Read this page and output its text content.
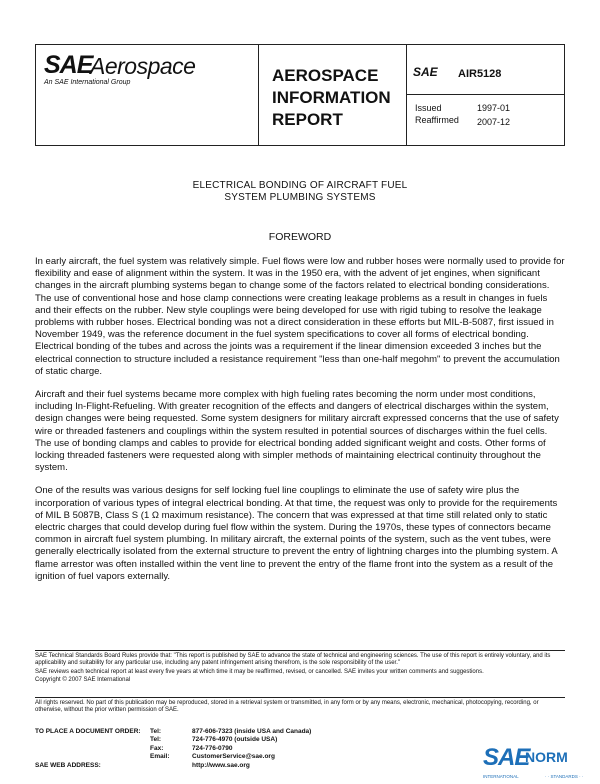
SAE
Aerospace
An SAE International Group	AEROSPACE
INFORMATION
REPORT
SAE AIR5128
Issued	1997-01
Reaffirmed 2007-12
ELECTRICAL BONDING OF AIRCRAFT FUEL
SYSTEM PLUMBING SYSTEMS
FOREWORD

In early aircraft, the fuel system was relatively simple. Fuel flows were low and rubber hoses were normally used to provide for flexibility and ease of alignment within the system. It was in the 1950 era, with the advent of jet engines, when significant changes in the aircraft plumbing systems began to change some of the factors related to electrical bonding considerations. The use of conventional hose and hose clamp connections were creating leakage problems as a result in changes in fuels and their effects on the rubber. New style couplings were being developed for use with rigid tubing to resolve the leakage problems with rubber hoses. Electrical bonding was not a direct consideration in these efforts but MIL-B-5087, first issued in November 1949, was the reference document in the fuel system specifications to cover all forms of electrical bonding. Electrical bonding of the tubes and across the joints was a requirement if the linear dimension exceeded 3 inches but the electrical connection to structure included a resistance requirement "less than one-half megohm" to prevent the accumulation of static charge.

Aircraft and their fuel systems became more complex with high fueling rates becoming the norm under most conditions, including In-Flight-Refueling. With greater recognition of the effects and dangers of electrical discharges within the system, design changes were being requested. Some system designers for military aircraft expressed concerns that the use of safety wire or threaded fasteners and couplings within the system resulted in potential sources of discharges within the fuel cells. The use of bonding clamps and cables to provide for electrical bonding added significant weight and costs. Other forms of locking threaded fasteners were requested along with simpler methods of maintaining electrical continuity throughout the system.

One of the results was various designs for self locking fuel line couplings to eliminate the use of safety wire plus the incorporation of various types of integral electrical bonding. At that time, the request was only to provide for the requirements of MIL B 5087B, Class S (1 Ω maximum resistance). The concern that was expressed at that time still related only to static electric charges that could develop during fuel flow within the system. During the 1970s, these types of connectors became common in aircraft fuel system plumbing. In military aircraft, the external points of the system, such as the vent tubes, were generally electrically isolated from the external structure to prevent the entry of lightning charges into the plumbing system. A flame arrestor was often installed within the vent line to prevent the entry of the flame front into the system as a result of the ignition of fuel vapors externally.

SAE Technical Standards Board Rules provide that: "This report is published by SAE to advance the state of technical and engineering sciences. The use of this report is entirely voluntary, and its applicability and suitability for any particular use, including any patent infringement arising therefrom, is the sole responsibility of the user."

SAE reviews each technical report at least every five years at which time it may be reaffirmed, revised, or cancelled. SAE invites your written comments and suggestions.

Copyright © 2007 SAE International

All rights reserved. No part of this publication may be reproduced, stored in a retrieval system or transmitted, in any form or by any means, electronic, mechanical, photocopying, recording, or otherwise, without the prior written permission of SAE.

TO PLACE A DOCUMENT ORDER:	Tel:	877-606-7323 (inside USA and Canada)
Tel:	724-776-4970 (outside USA)
Fax:	724-776-0790
Email:	CustomerService@sae.org
SAE WEB ADDRESS:	http://www.sae.org	SAE
NORM
INTERNATIONAL	· · STANDARDS · ·
